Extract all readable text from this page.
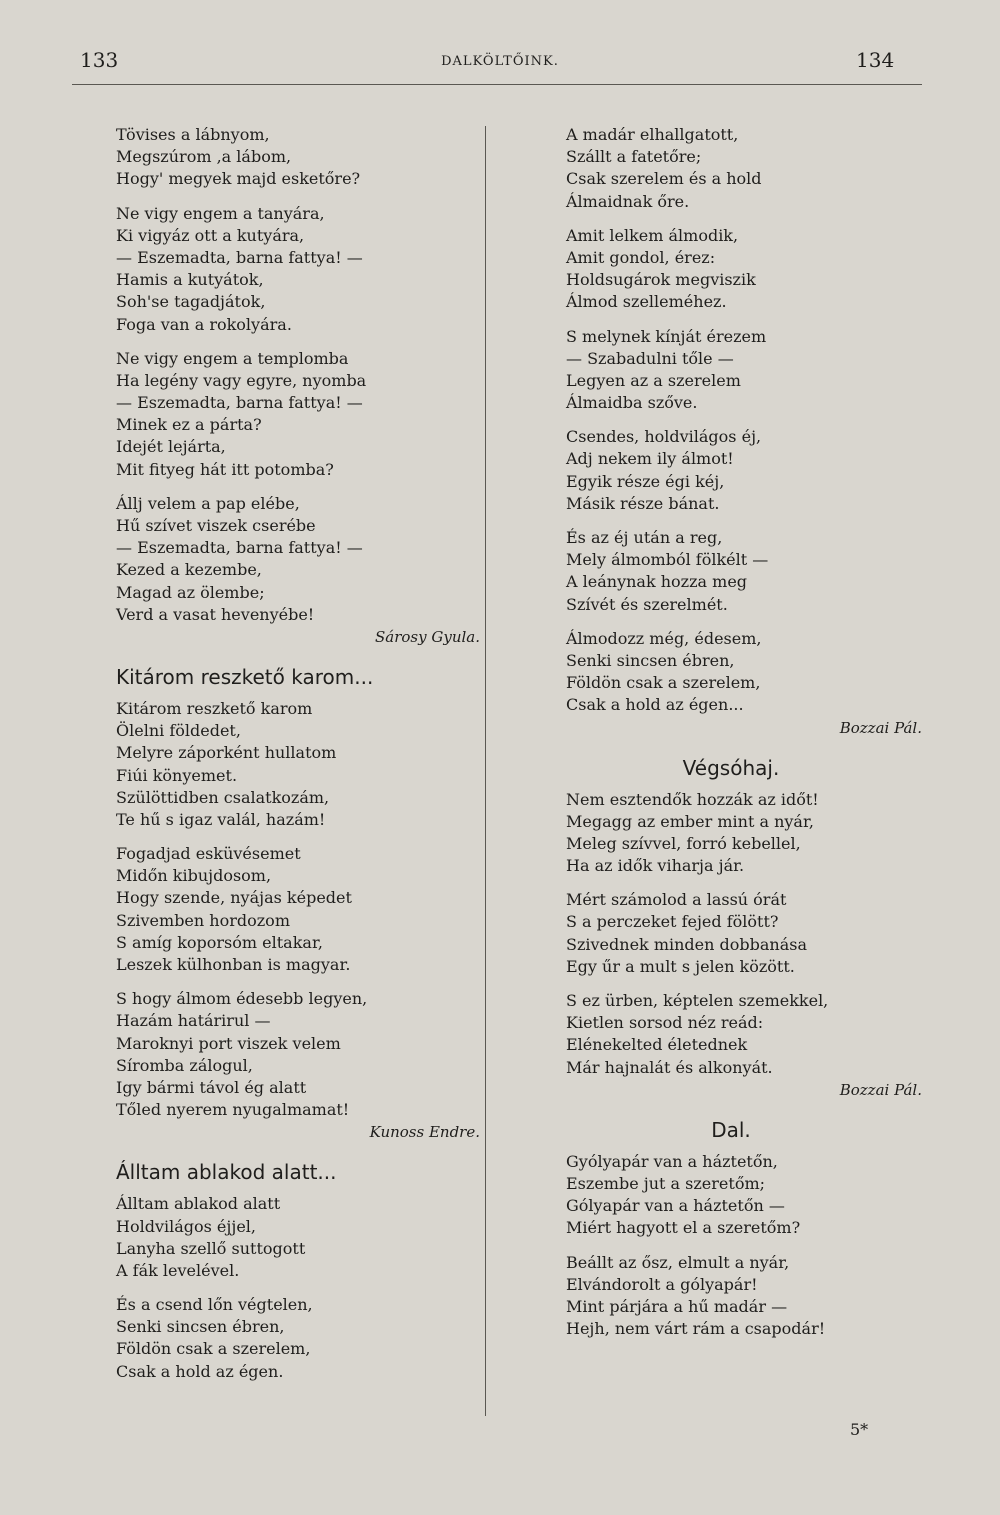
133	DALKÖLTŐINK.	134
Tövises a lábnyom,
Megszúrom ,a lábom,
Hogy' megyek majd esketőre?
Ne vigy engem a tanyára,
Ki vigyáz ott a kutyára,
— Eszemadta, barna fattya! —
Hamis a kutyátok,
Soh'se tagadjátok,
Foga van a rokolyára.
Ne vigy engem a templomba
Ha legény vagy egyre, nyomba
— Eszemadta, barna fattya! —
Minek ez a párta?
Idejét lejárta,
Mit fityeg hát itt potomba?
Állj velem a pap elébe,
Hű szívet viszek cserébe
— Eszemadta, barna fattya! —
Kezed a kezembe,
Magad az ölembe;
Verd a vasat hevenyébe!
Sárosy Gyula.
Kitárom reszkető karom...
Kitárom reszkető karom
Ölelni földedet,
Melyre záporként hullatom
Fiúi könyemet.
Szülöttidben csalatkozám,
Te hű s igaz valál, hazám!
Fogadjad esküvésemet
Midőn kibujdosom,
Hogy szende, nyájas képedet
Szivemben hordozom
S amíg koporsóm eltakar,
Leszek külhonban is magyar.
S hogy álmom édesebb legyen,
Hazám határirul —
Maroknyi port viszek velem
Síromba zálogul,
Igy bármi távol ég alatt
Tőled nyerem nyugalmamat!
Kunoss Endre.
Álltam ablakod alatt...
Álltam ablakod alatt
Holdvilágos éjjel,
Lanyha szellő suttogott
A fák levelével.
És a csend lőn végtelen,
Senki sincsen ébren,
Földön csak a szerelem,
Csak a hold az égen.
A madár elhallgatott,
Szállt a fatetőre;
Csak szerelem és a hold
Álmaidnak őre.
Amit lelkem álmodik,
Amit gondol, érez:
Holdsugárok megviszik
Álmod szelleméhez.
S melynek kínját érezem
— Szabadulni tőle —
Legyen az a szerelem
Álmaidba szőve.
Csendes, holdvilágos éj,
Adj nekem ily álmot!
Egyik része égi kéj,
Másik része bánat.
És az éj után a reg,
Mely álmomból fölkélt —
A leánynak hozza meg
Szívét és szerelmét.
Álmodozz még, édesem,
Senki sincsen ébren,
Földön csak a szerelem,
Csak a hold az égen...
Bozzai Pál.
Végsóhaj.
Nem esztendők hozzák az időt!
Megagg az ember mint a nyár,
Meleg szívvel, forró kebellel,
Ha az idők viharja jár.
Mért számolod a lassú órát
S a perczeket fejed fölött?
Szivednek minden dobbanása
Egy űr a mult s jelen között.
S ez ürben, képtelen szemekkel,
Kietlen sorsod néz reád:
Elénekelted életednek
Már hajnalát és alkonyát.
Bozzai Pál.
Dal.
Gyólyapár van a háztetőn,
Eszembe jut a szeretőm;
Gólyapár van a háztetőn —
Miért hagyott el a szeretőm?
Beállt az ősz, elmult a nyár,
Elvándorolt a gólyapár!
Mint párjára a hű madár —
Hejh, nem várt rám a csapodár!
5*
